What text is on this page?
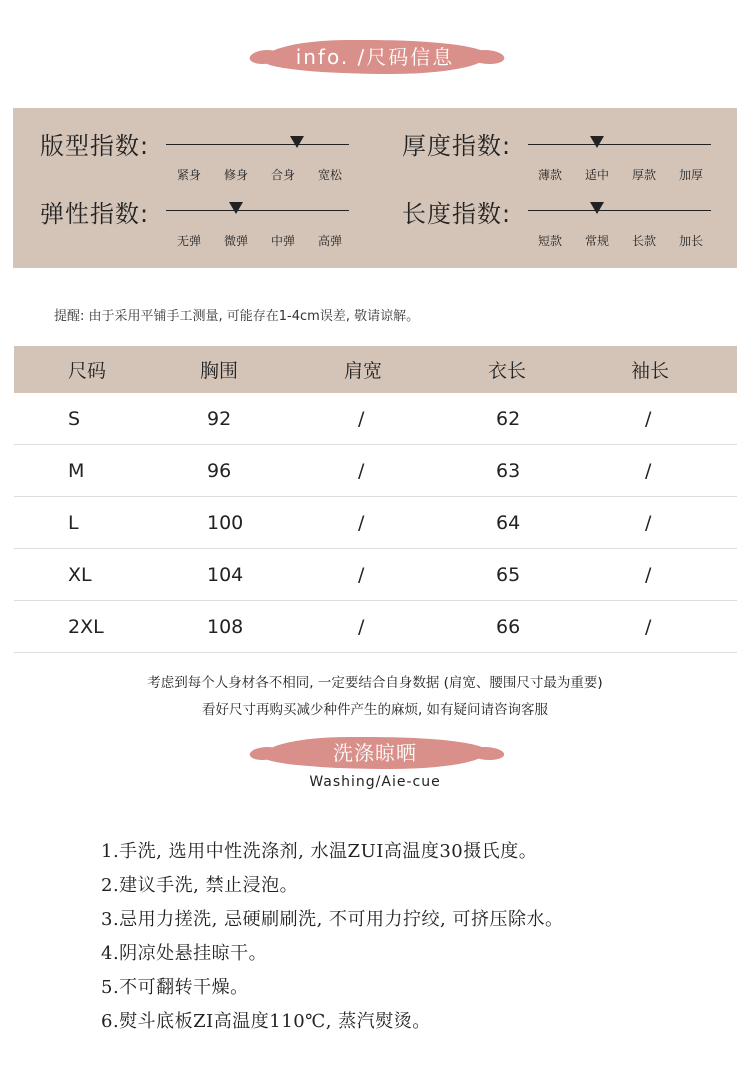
info. /尺码信息
版型指数:
紧身	修身	合身	宽松
弹性指数:
无弹	微弹	中弹	高弹
厚度指数:
薄款	适中	厚款	加厚
长度指数:
短款	常规	长款	加长
提醒: 由于采用平铺手工测量, 可能存在1-4cm误差, 敬请谅解。
尺码	胸围	肩宽	衣长	袖长
S	92	/	62	/
M	96	/	63	/
L	100	/	64	/
XL	104	/	65	/
2XL	108	/	66	/
考虑到每个人身材各不相同, 一定要结合自身数据 (肩宽、腰围尺寸最为重要)
看好尺寸再购买减少种件产生的麻烦, 如有疑问请咨询客服
洗涤晾晒
Washing/Aie-cue
1.手洗, 选用中性洗涤剂, 水温ZUI高温度30摄氏度。
2.建议手洗, 禁止浸泡。
3.忌用力搓洗, 忌硬刷刷洗, 不可用力拧绞, 可挤压除水。
4.阴凉处悬挂晾干。
5.不可翻转干燥。
6.熨斗底板ZI高温度110℃, 蒸汽熨烫。
